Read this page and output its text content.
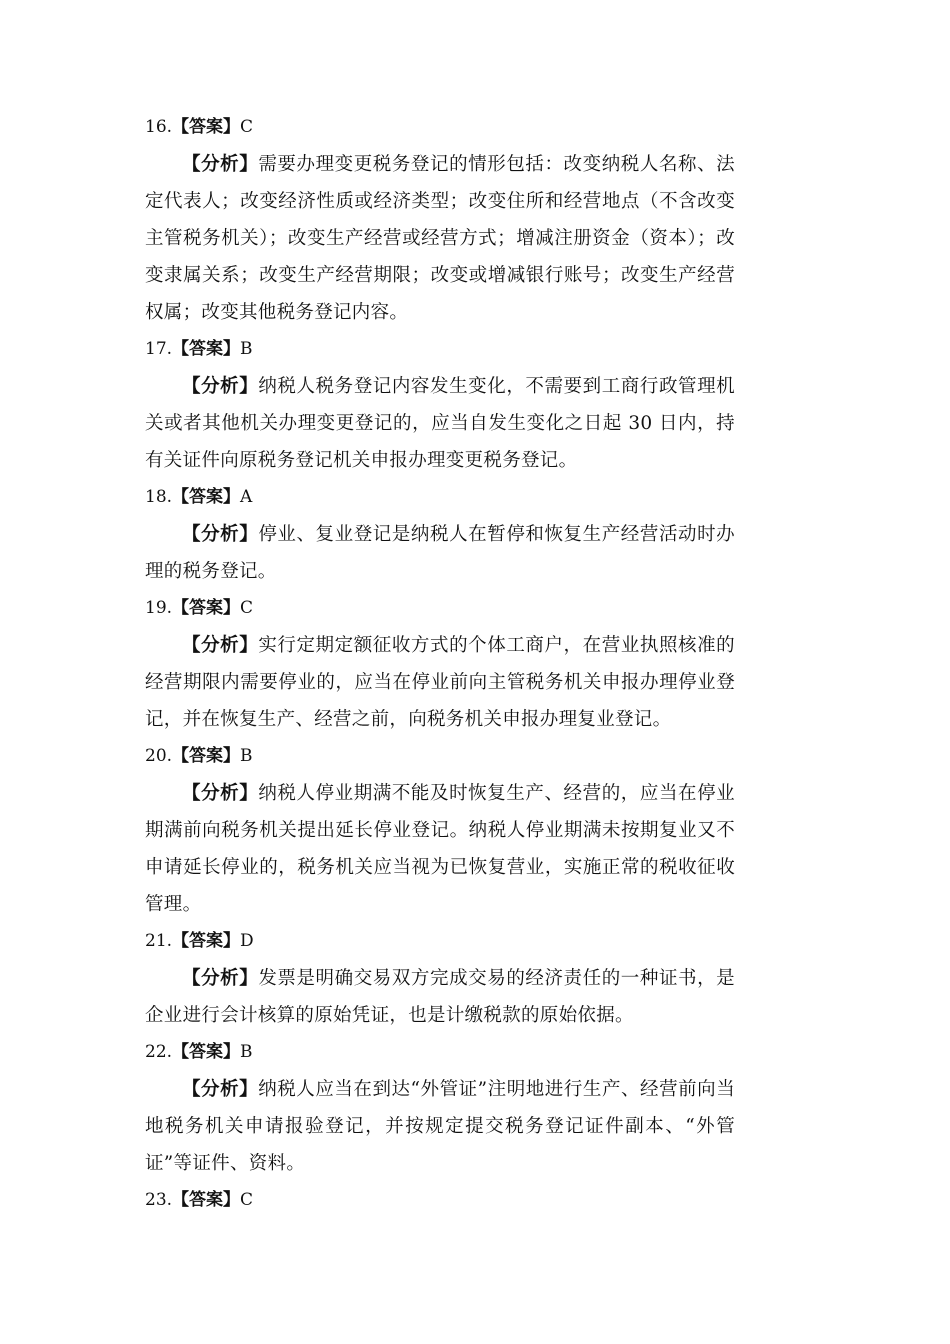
16.【答案】C

【分析】需要办理变更税务登记的情形包括：改变纳税人名称、法定代表人；改变经济性质或经济类型；改变住所和经营地点（不含改变主管税务机关）；改变生产经营或经营方式；增减注册资金（资本）；改变隶属关系；改变生产经营期限；改变或增减银行账号；改变生产经营权属；改变其他税务登记内容。

17.【答案】B

【分析】纳税人税务登记内容发生变化，不需要到工商行政管理机关或者其他机关办理变更登记的，应当自发生变化之日起 30 日内，持有关证件向原税务登记机关申报办理变更税务登记。

18.【答案】A

【分析】停业、复业登记是纳税人在暂停和恢复生产经营活动时办理的税务登记。

19.【答案】C

【分析】实行定期定额征收方式的个体工商户，在营业执照核准的经营期限内需要停业的，应当在停业前向主管税务机关申报办理停业登记，并在恢复生产、经营之前，向税务机关申报办理复业登记。

20.【答案】B

【分析】纳税人停业期满不能及时恢复生产、经营的，应当在停业期满前向税务机关提出延长停业登记。纳税人停业期满未按期复业又不申请延长停业的，税务机关应当视为已恢复营业，实施正常的税收征收管理。

21.【答案】D

【分析】发票是明确交易双方完成交易的经济责任的一种证书，是企业进行会计核算的原始凭证，也是计缴税款的原始依据。

22.【答案】B

【分析】纳税人应当在到达“外管证”注明地进行生产、经营前向当地税务机关申请报验登记，并按规定提交税务登记证件副本、“外管证”等证件、资料。

23.【答案】C
